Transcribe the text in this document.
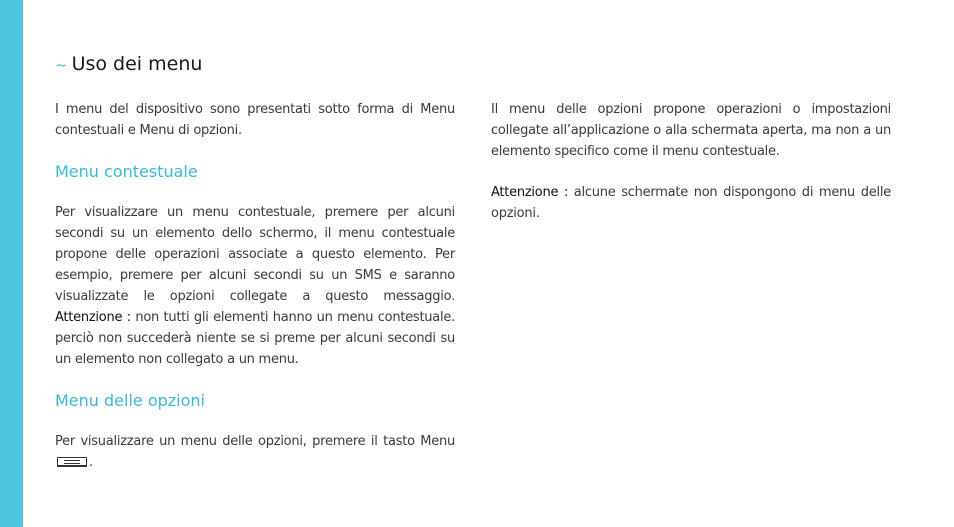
~ Uso dei menu

I menu del dispositivo sono presentati sotto forma di Menu contestuali e Menu di opzioni.

Menu contestuale

Per visualizzare un menu contestuale, premere per alcuni secondi su un elemento dello schermo, il menu contestuale propone delle operazioni associate a questo elemento. Per esempio, premere per alcuni secondi su un SMS e saranno visualizzate le opzioni collegate a questo messaggio. Attenzione : non tutti gli elementi hanno un menu contestuale. perciò non succederà niente se si preme per alcuni secondi su un elemento non collegato a un menu.

Menu delle opzioni

Per visualizzare un menu delle opzioni, premere il tasto Menu .

Il menu delle opzioni propone operazioni o impostazioni collegate all’applicazione o alla schermata aperta, ma non a un elemento specifico come il menu contestuale.

Attenzione : alcune schermate non dispongono di menu delle opzioni.
